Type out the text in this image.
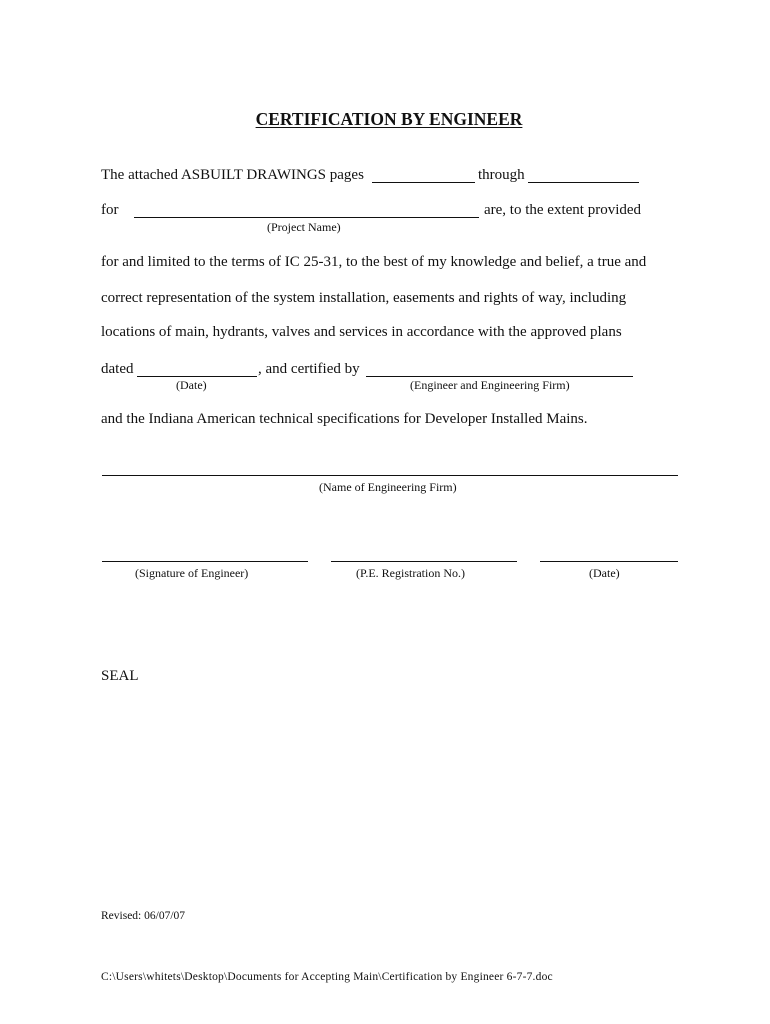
CERTIFICATION BY ENGINEER
The attached ASBUILT DRAWINGS pages	through
for	are, to the extent provided
(Project Name)
for and limited to the terms of IC 25-31, to the best of my knowledge and belief, a true and
correct representation of the system installation, easements and rights of way, including
locations of main, hydrants, valves and services in accordance with the approved plans
dated	, and certified by
(Date)	(Engineer and Engineering Firm)
and the Indiana American technical specifications for Developer Installed Mains.
(Name of Engineering Firm)
(Signature of Engineer)	(P.E. Registration No.)	(Date)
SEAL
Revised: 06/07/07
C:\Users\whitets\Desktop\Documents for Accepting Main\Certification by Engineer 6-7-7.doc
